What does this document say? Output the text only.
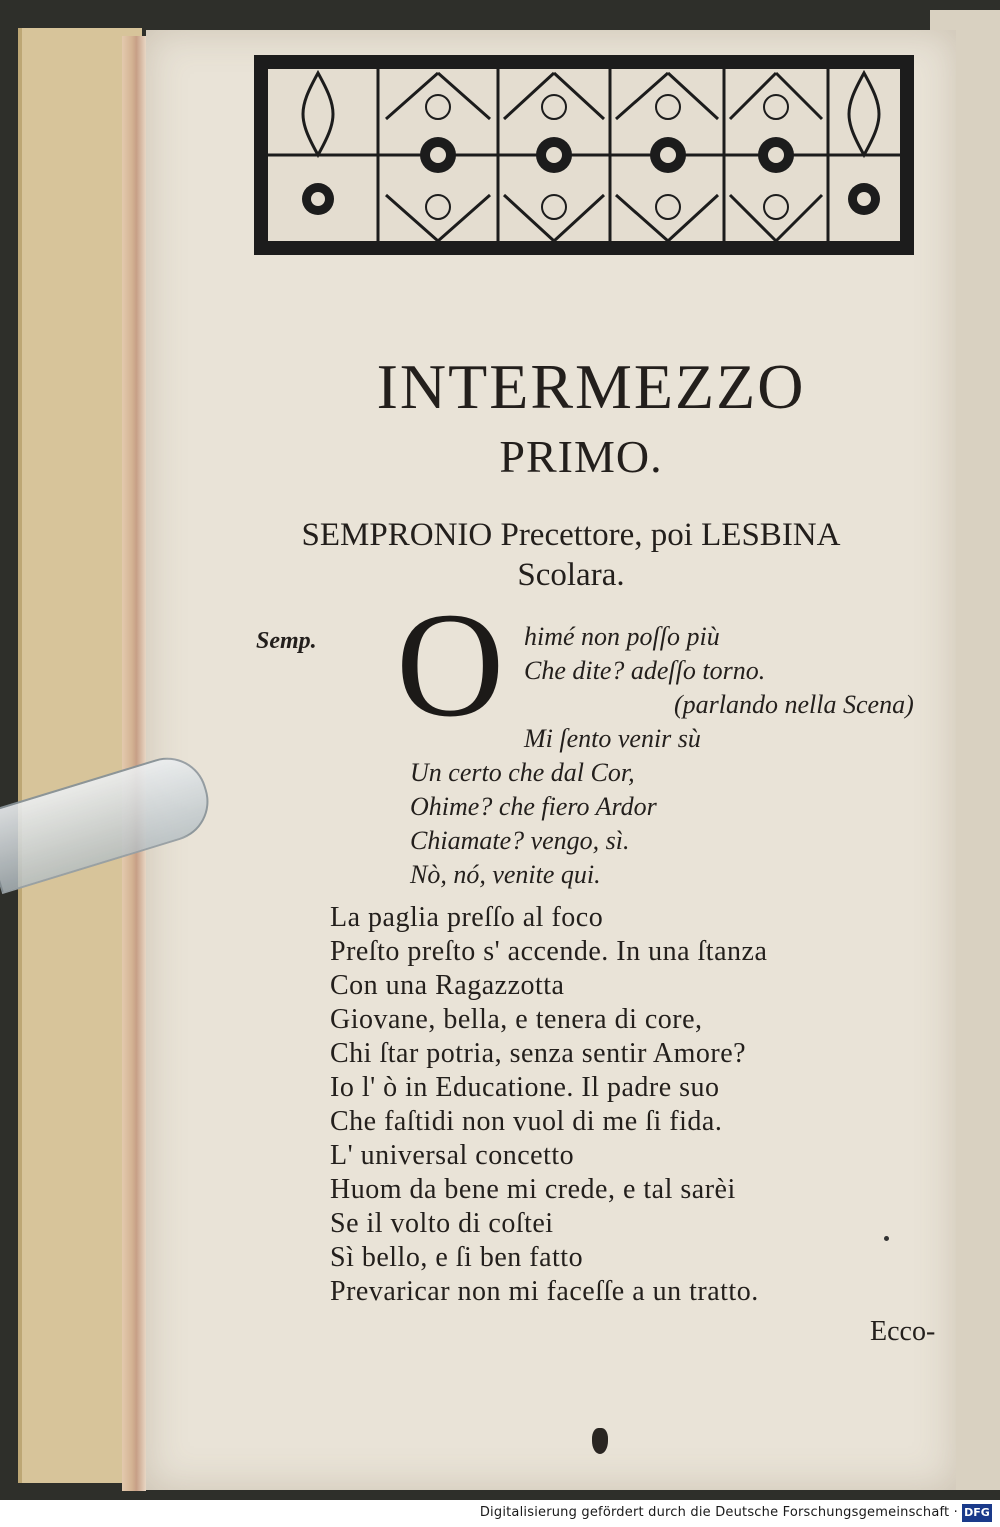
INTERMEZZO
PRIMO.
SEMPRONIO Precettore, poi LESBINA
Scolara.
Semp. O himé non poſſo più
Che dite? adeſſo torno.
(parlando nella Scena)
Mi ſento venir sù
Un certo che dal Cor,
Ohime? che fiero Ardor
Chiamate? vengo, sì.
Nò, nó, venite qui.
La paglia preſſo al foco
Preſto preſto s' accende. In una ſtanza
Con una Ragazzotta
Giovane, bella, e tenera di core,
Chi ſtar potria, senza sentir Amore?
Io l' ò in Educatione. Il padre suo
Che faſtidi non vuol di me ſi fida.
L' universal concetto
Huom da bene mi crede, e tal sarèi
Se il volto di coſtei
Sì bello, e ſi ben fatto
Prevaricar non mi faceſſe a un tratto.
Ecco-
Digitalisierung gefördert durch die Deutsche Forschungsgemeinschaft · DFG
